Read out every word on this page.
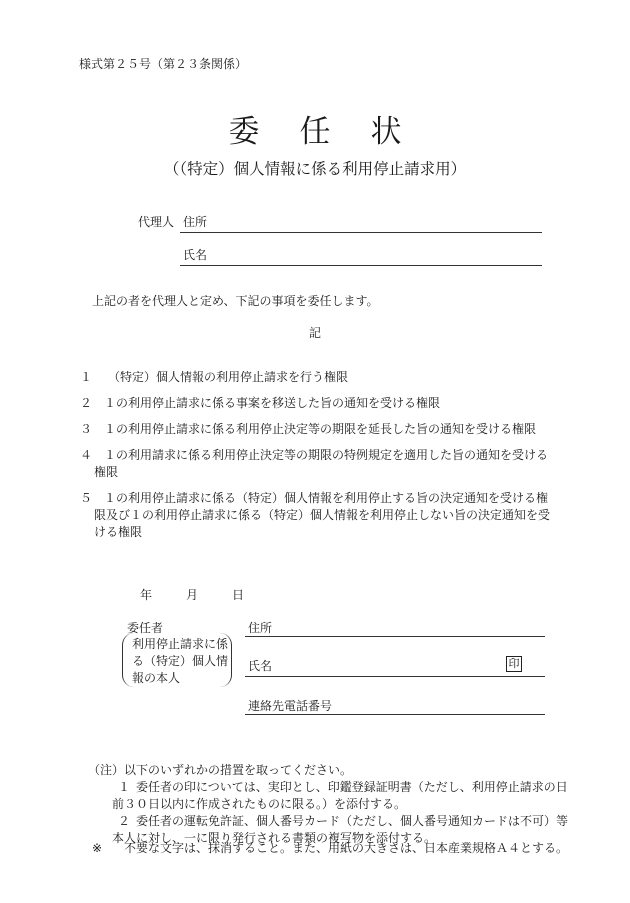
様式第２５号（第２３条関係）
委任状
（（特定）個人情報に係る利用停止請求用）
代理人 住所
氏名
上記の者を代理人と定め、下記の事項を委任します。
記
１	（特定）個人情報の利用停止請求を行う権限
２ １の利用停止請求に係る事案を移送した旨の通知を受ける権限
３ １の利用停止請求に係る利用停止決定等の期限を延長した旨の通知を受ける権限
４ １の利用請求に係る利用停止決定等の期限の特例規定を適用した旨の通知を受ける権限
５ １の利用停止請求に係る（特定）個人情報を利用停止する旨の決定通知を受ける権限及び１の利用停止請求に係る（特定）個人情報を利用停止しない旨の決定通知を受ける権限
年	月	日
委任者
利用停止請求に係る（特定）個人情報の本人
住所
氏名	印
連絡先電話番号
（注）以下のいずれかの措置を取ってください。
１ 委任者の印については、実印とし、印鑑登録証明書（ただし、利用停止請求の日
前３０日以内に作成されたものに限る。）を添付する。
２ 委任者の運転免許証、個人番号カード（ただし、個人番号通知カードは不可）等
本人に対し、一に限り発行される書類の複写物を添付する。
※ 不要な文字は、抹消すること。また、用紙の大きさは、日本産業規格Ａ４とする。
